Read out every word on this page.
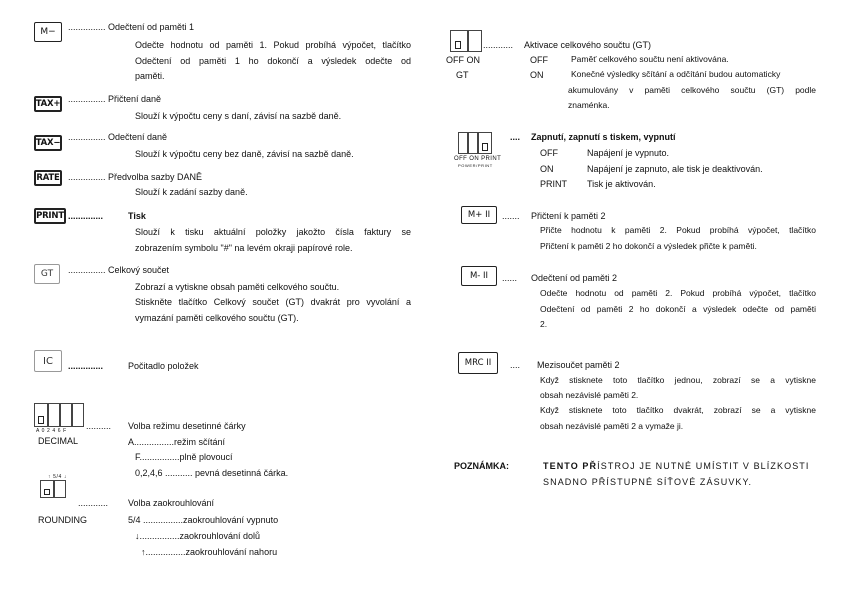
M− ............... Odečtení od paměti 1
Odečte hodnotu od paměti 1. Pokud probíhá výpočet, tlačítko
Odečtení od paměti 1 ho dokončí a výsledek odečte od
paměti.
TAX+ ............... Přičtení daně
Slouží k výpočtu ceny s daní, závisí na sazbě daně.
TAX−
............... Odečtení daně
Slouží k výpočtu ceny bez daně, závisí na sazbě daně.
RATE ............... Předvolba sazby DANĚ
Slouží k zadání sazby daně.
PRINT ..............	Tisk
Slouží k tisku aktuální položky jakožto čísla faktury se
zobrazením symbolu "#" na levém okraji papírové role.
GT ............... Celkový součet
Zobrazí a vytiskne obsah paměti celkového součtu.
Stiskněte tlačítko Celkový součet (GT) dvakrát pro vyvolání a
vymazání paměti celkového součtu (GT).
IC ..............	Počitadlo položek
A 0 2 4 6 F
DECIMAL
.......... Volba režimu desetinné čárky
A................režim sčítání
F................plně plovoucí
0,2,4,6 ........... pevná desetinná čárka.
↑ 5/4 ↓
ROUNDING
............ Volba zaokrouhlování
5/4 ................zaokrouhlování vypnuto
↓................zaokrouhlování dolů
↑................zaokrouhlování nahoru
............ Aktivace celkového součtu (GT)
OFF ON
GT
OFF	Paměť celkového součtu není aktivována.
ON	Konečné výsledky sčítání a odčítání budou automaticky
akumulovány v paměti celkového součtu (GT) podle
znaménka.
OFF ON PRINT
POWER/PRINT
.... Zapnutí, zapnutí s tiskem, vypnutí
OFF	Napájení je vypnuto.
ON	Napájení je zapnuto, ale tisk je deaktivován.
PRINT Tisk je aktivován.
M+ II ....... Přičtení k paměti 2
Přičte hodnotu k paměti 2. Pokud probíhá výpočet, tlačítko
Přičtení k paměti 2 ho dokončí a výsledek přičte k paměti.
M- II ...... Odečtení od paměti 2
Odečte hodnotu od paměti 2. Pokud probíhá výpočet, tlačítko
Odečtení od paměti 2 ho dokončí a výsledek odečte od paměti
2.
MRC II .... Mezisoučet paměti 2
Když stisknete toto tlačítko jednou, zobrazí se a vytiskne
obsah nezávislé paměti 2.
Když stisknete toto tlačítko dvakrát, zobrazí se a vytiskne
obsah nezávislé paměti 2 a vymaže ji.
POZNÁMKA:	TENTO PŘÍSTROJ JE NUTNÉ UMÍSTIT V BLÍZKOSTI
SNADNO PŘÍSTUPNÉ SÍŤOVÉ ZÁSUVKY.
